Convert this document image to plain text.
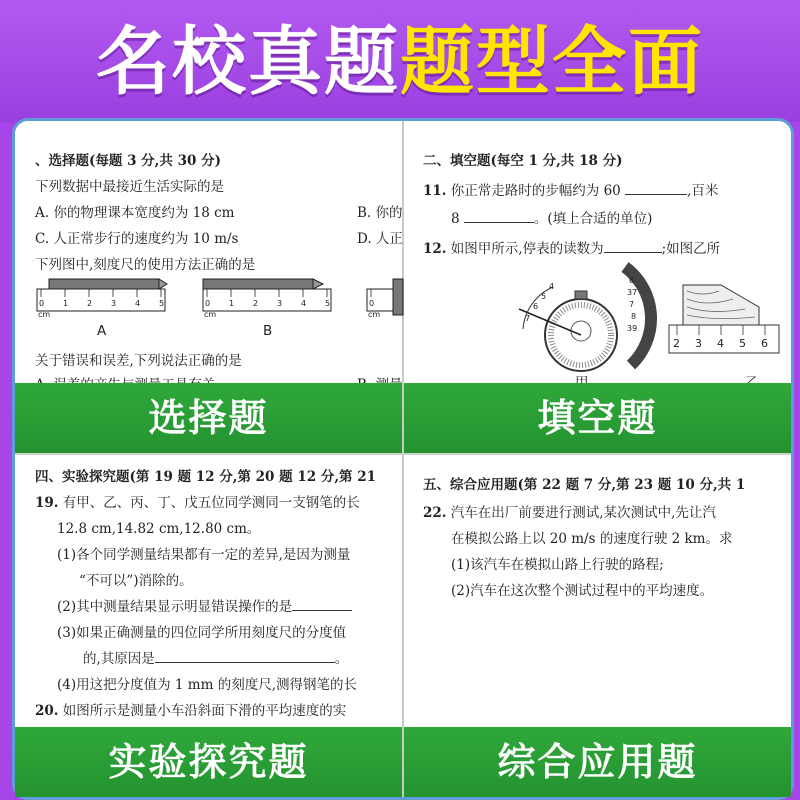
名校真题题型全面
、选择题(每题 3 分,共 30 分)
下列数据中最接近生活实际的是
A. 你的物理课本宽度约为 18 cm	B. 你的
C. 人正常步行的速度约为 10 m/s	D. 人正
下列图中,刻度尺的使用方法正确的是
0 1 2 3 4 5
cm
0 1 2 3 4 5
cm
0
cm
A	B
关于错误和误差,下列说法正确的是
选择题
二、填空题(每空 1 分,共 18 分)
11. 你正常走路时的步幅约为 60	,百米
8	。(填上合适的单位)
12. 如图甲所示,停表的读数为	;如图乙所
4
5
6
7
6
37
7
8
39
2 3 4 5 6
填空题
四、实验探究题(第 19 题 12 分,第 20 题 12 分,第 21
19. 有甲、乙、丙、丁、戊五位同学测同一支钢笔的长
12.8 cm,14.82 cm,12.80 cm。
(1)各个同学测量结果都有一定的差异,是因为测量
“不可以”)消除的。
(2)其中测量结果显示明显错误操作的是
(3)如果正确测量的四位同学所用刻度尺的分度值
的,其原因是	。
(4)用这把分度值为 1 mm 的刻度尺,测得钢笔的长
20. 如图所示是测量小车沿斜面下滑的平均速度的实
实验探究题
五、综合应用题(第 22 题 7 分,第 23 题 10 分,共 1
22. 汽车在出厂前要进行测试,某次测试中,先让汽
在模拟公路上以 20 m/s 的速度行驶 2 km。求
(1)该汽车在模拟山路上行驶的路程;
(2)汽车在这次整个测试过程中的平均速度。
综合应用题
